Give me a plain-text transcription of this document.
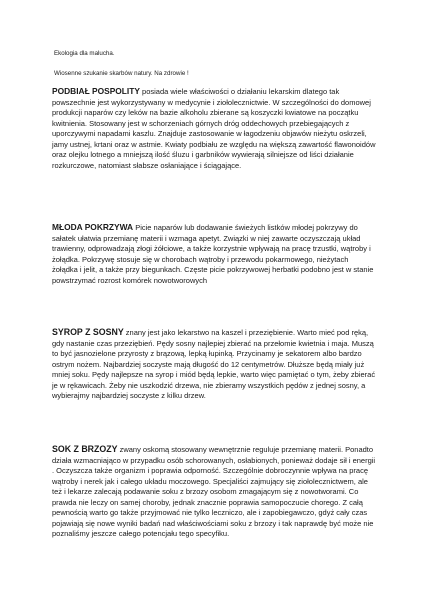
Ekologia dla malucha.
Wiosenne szukanie skarbów natury. Na zdrowie !

PODBIAŁ POSPOLITY posiada wiele właściwości o działaniu lekarskim dlatego tak powszechnie jest wykorzystywany w medycynie i ziołolecznictwie. W szczególności do domowej produkcji naparów czy leków na bazie alkoholu zbierane są koszyczki kwiatowe na początku kwitnienia. Stosowany jest w schorzeniach górnych dróg oddechowych przebiegających z uporczywymi napadami kaszlu. Znajduje zastosowanie w łagodzeniu objawów nieżytu oskrzeli, jamy ustnej, krtani oraz w astmie. Kwiaty podbiału ze względu na większą zawartość flawonoidów oraz olejku lotnego a mniejszą ilość śluzu i garbników wywierają silniejsze od liści działanie rozkurczowe, natomiast słabsze osłaniające i ściągające.

MŁODA POKRZYWA Picie naparów lub dodawanie świeżych listków młodej pokrzywy do sałatek ułatwia przemianę materii i wzmaga apetyt. Związki w niej zawarte oczyszczają układ trawienny, odprowadzają złogi żółciowe, a także korzystnie wpływają na pracę trzustki, wątroby i żołądka. Pokrzywę stosuje się w chorobach wątroby i przewodu pokarmowego, nieżytach żołądka i jelit, a także przy biegunkach. Częste picie pokrzywowej herbatki podobno jest w stanie powstrzymać rozrost komórek nowotworowych

SYROP Z SOSNY znany jest jako lekarstwo na kaszel i przeziębienie. Warto mieć pod ręką, gdy nastanie czas przeziębień. Pędy sosny najlepiej zbierać na przełomie kwietnia i maja. Muszą to być jasnozielone przyrosty z brązową, lepką łupinką. Przycinamy je sekatorem albo bardzo ostrym nożem. Najbardziej soczyste mają długość do 12 centymetrów. Dłuższe będą miały już mniej soku. Pędy najlepsze na syrop i miód będą lepkie, warto więc pamiętać o tym, żeby zbierać je w rękawicach. Żeby nie uszkodzić drzewa, nie zbieramy wszystkich pędów z jednej sosny, a wybierajmy najbardziej soczyste z kilku drzew.

SOK Z BRZOZY zwany oskomą stosowany wewnętrznie reguluje przemianę materii. Ponadto działa wzmacniająco w przypadku osób schorowanych, osłabionych, ponieważ dodaje sił i energii . Oczyszcza także organizm i poprawia odporność. Szczególnie dobroczynnie wpływa na pracę wątroby i nerek jak i całego układu moczowego. Specjaliści zajmujący się ziołolecznictwem, ale też i lekarze zalecają podawanie soku z brzozy osobom zmagającym się z nowotworami. Co prawda nie leczy on samej choroby, jednak znacznie poprawia samopoczucie chorego. Z całą pewnością warto go także przyjmować nie tylko leczniczo, ale i zapobiegawczo, gdyż cały czas pojawiają się nowe wyniki badań nad właściwościami soku z brzozy i tak naprawdę być może nie poznaliśmy jeszcze całego potencjału tego specyfiku.
